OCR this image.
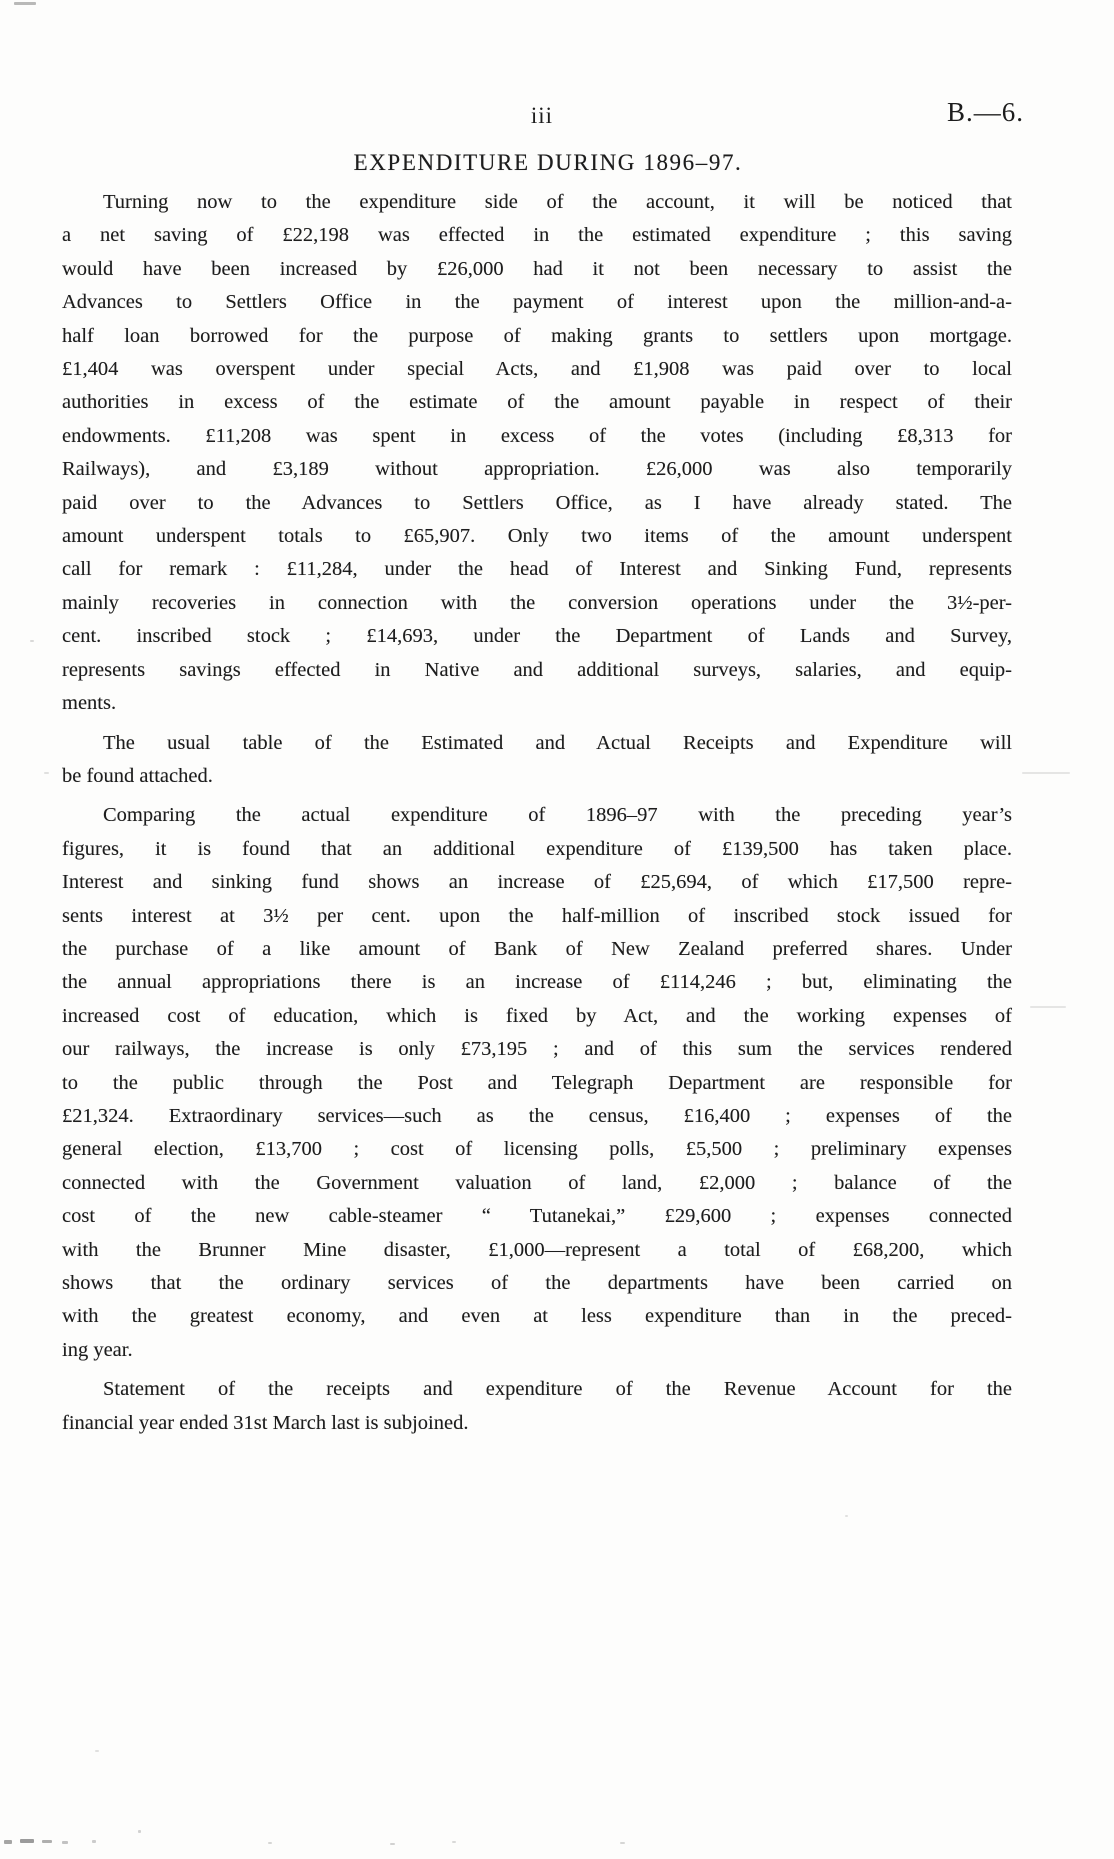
iii	B.—6.
EXPENDITURE DURING 1896–97.
Turning now to the expenditure side of the account, it will be noticed that
a net saving of £22,198 was effected in the estimated expenditure ; this saving
would have been increased by £26,000 had it not been necessary to assist the
Advances to Settlers Office in the payment of interest upon the million-and-a-
half loan borrowed for the purpose of making grants to settlers upon mortgage.
£1,404 was overspent under special Acts, and £1,908 was paid over to local
authorities in excess of the estimate of the amount payable in respect of their
endowments. £11,208 was spent in excess of the votes (including £8,313 for
Railways), and £3,189 without appropriation. £26,000 was also temporarily
paid over to the Advances to Settlers Office, as I have already stated. The
amount underspent totals to £65,907. Only two items of the amount underspent
call for remark : £11,284, under the head of Interest and Sinking Fund, represents
mainly recoveries in connection with the conversion operations under the 3½-per-
cent. inscribed stock ; £14,693, under the Department of Lands and Survey,
represents savings effected in Native and additional surveys, salaries, and equip-
ments.
The usual table of the Estimated and Actual Receipts and Expenditure will
be found attached.
Comparing the actual expenditure of 1896–97 with the preceding year’s
figures, it is found that an additional expenditure of £139,500 has taken place.
Interest and sinking fund shows an increase of £25,694, of which £17,500 repre-
sents interest at 3½ per cent. upon the half-million of inscribed stock issued for
the purchase of a like amount of Bank of New Zealand preferred shares. Under
the annual appropriations there is an increase of £114,246 ; but, eliminating the
increased cost of education, which is fixed by Act, and the working expenses of
our railways, the increase is only £73,195 ; and of this sum the services rendered
to the public through the Post and Telegraph Department are responsible for
£21,324. Extraordinary services—such as the census, £16,400 ; expenses of the
general election, £13,700 ; cost of licensing polls, £5,500 ; preliminary expenses
connected with the Government valuation of land, £2,000 ; balance of the
cost of the new cable-steamer “ Tutanekai,” £29,600 ; expenses connected
with the Brunner Mine disaster, £1,000—represent a total of £68,200, which
shows that the ordinary services of the departments have been carried on
with the greatest economy, and even at less expenditure than in the preced-
ing year.
Statement of the receipts and expenditure of the Revenue Account for the
financial year ended 31st March last is subjoined.
